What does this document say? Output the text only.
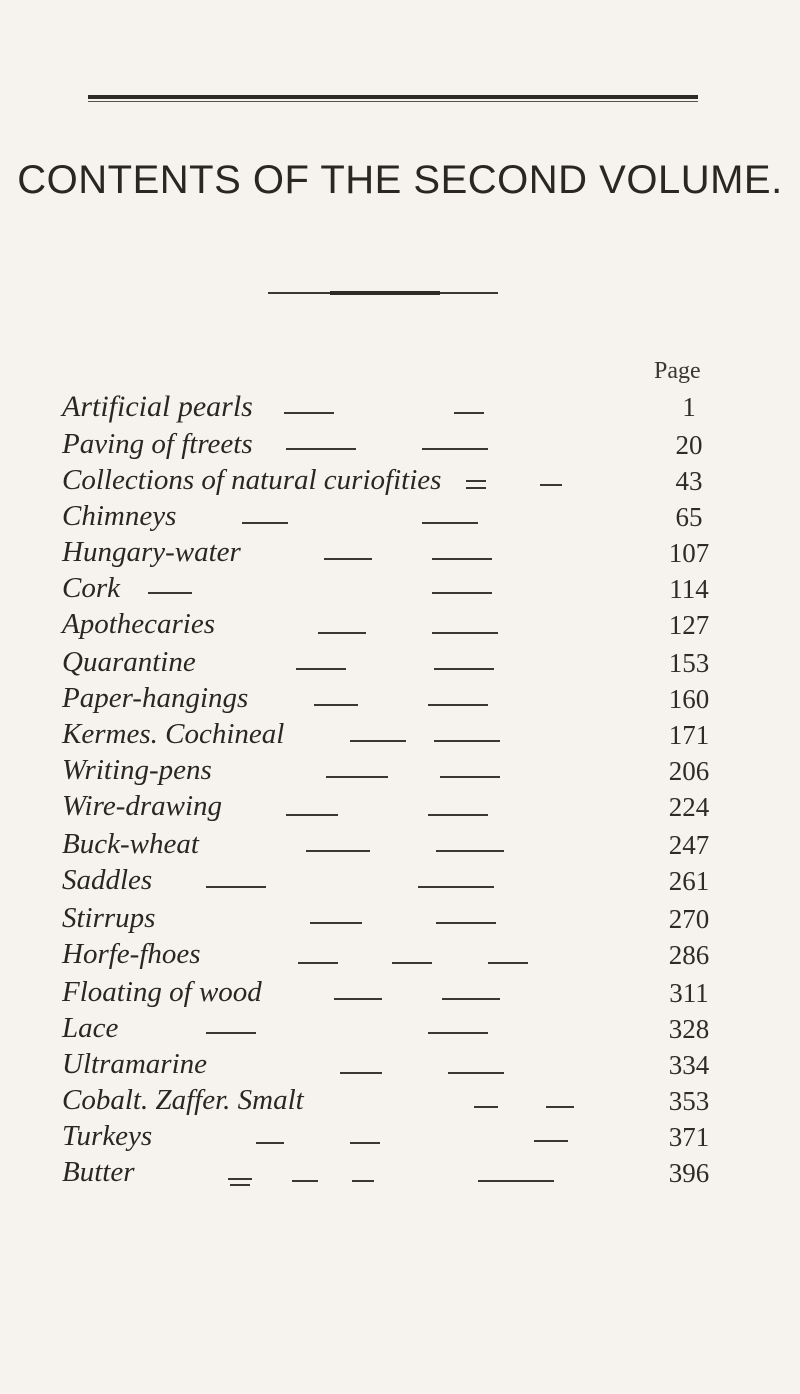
CONTENTS OF THE SECOND VOLUME.
Page
Artificial pearls	1
Paving of ftreets	20
Collections of natural curiofities	43
Chimneys	65
Hungary-water	107
Cork	114
Apothecaries	127
Quarantine	153
Paper-hangings	160
Kermes. Cochineal	171
Writing-pens	206
Wire-drawing	224
Buck-wheat	247
Saddles	261
Stirrups	270
Horfe-fhoes	286
Floating of wood	311
Lace	328
Ultramarine	334
Cobalt. Zaffer. Smalt	353
Turkeys	371
Butter	396
